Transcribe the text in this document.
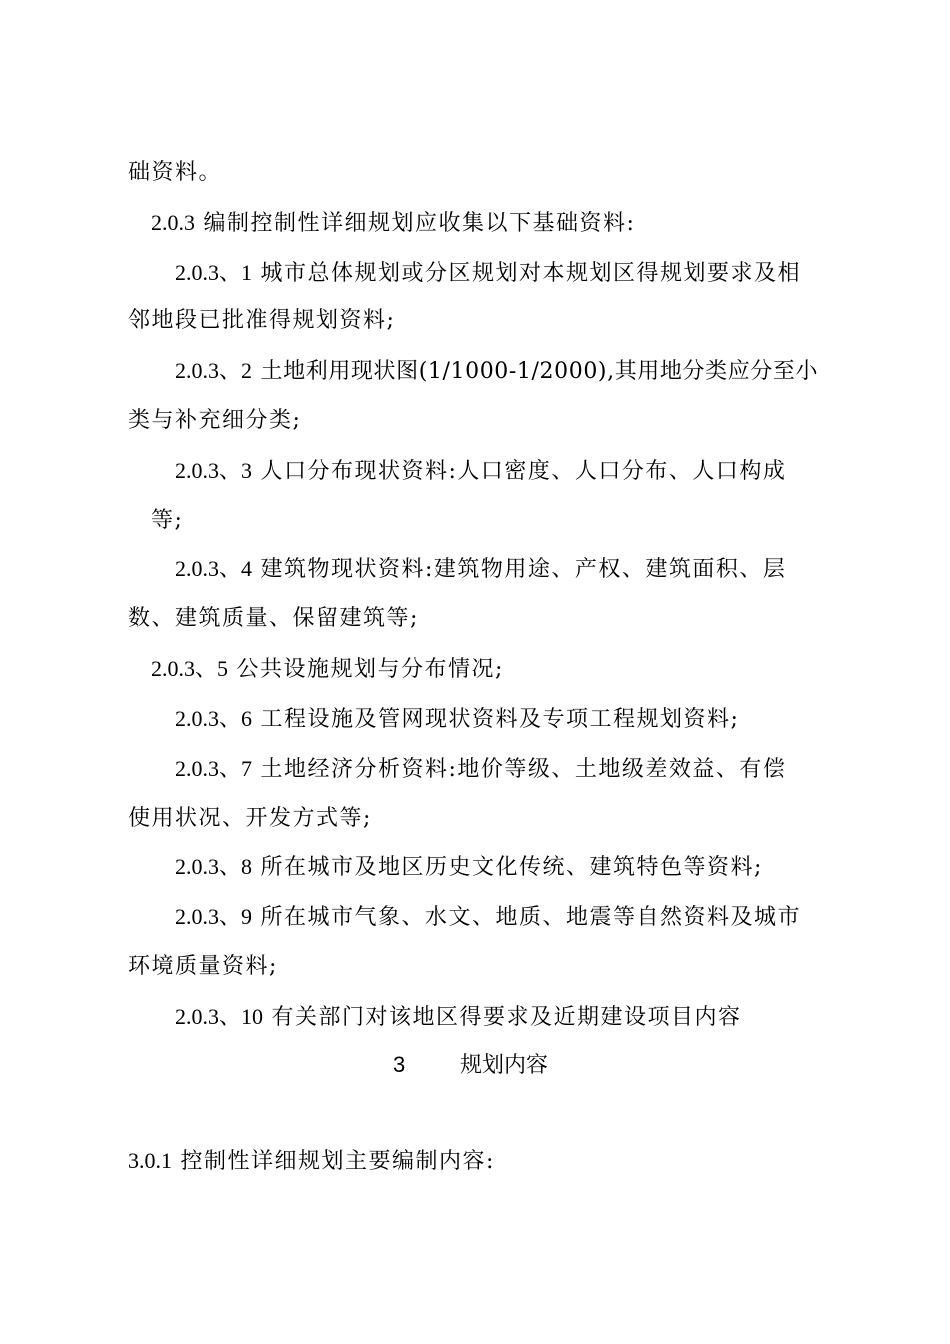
础资料。
2.0.3 编制控制性详细规划应收集以下基础资料:
2.0.3、1 城市总体规划或分区规划对本规划区得规划要求及相
邻地段已批准得规划资料;
2.0.3、2 土地利用现状图(1/1000-1/2000),其用地分类应分至小
类与补充细分类;
2.0.3、3 人口分布现状资料:人口密度、人口分布、人口构成
等;
2.0.3、4 建筑物现状资料:建筑物用途、产权、建筑面积、层
数、建筑质量、保留建筑等;
2.0.3、5 公共设施规划与分布情况;
2.0.3、6 工程设施及管网现状资料及专项工程规划资料;
2.0.3、7 土地经济分析资料:地价等级、土地级差效益、有偿
使用状况、开发方式等;
2.0.3、8 所在城市及地区历史文化传统、建筑特色等资料;
2.0.3、9 所在城市气象、水文、地质、地震等自然资料及城市
环境质量资料;
2.0.3、10 有关部门对该地区得要求及近期建设项目内容
3 规划内容
3.0.1 控制性详细规划主要编制内容:
